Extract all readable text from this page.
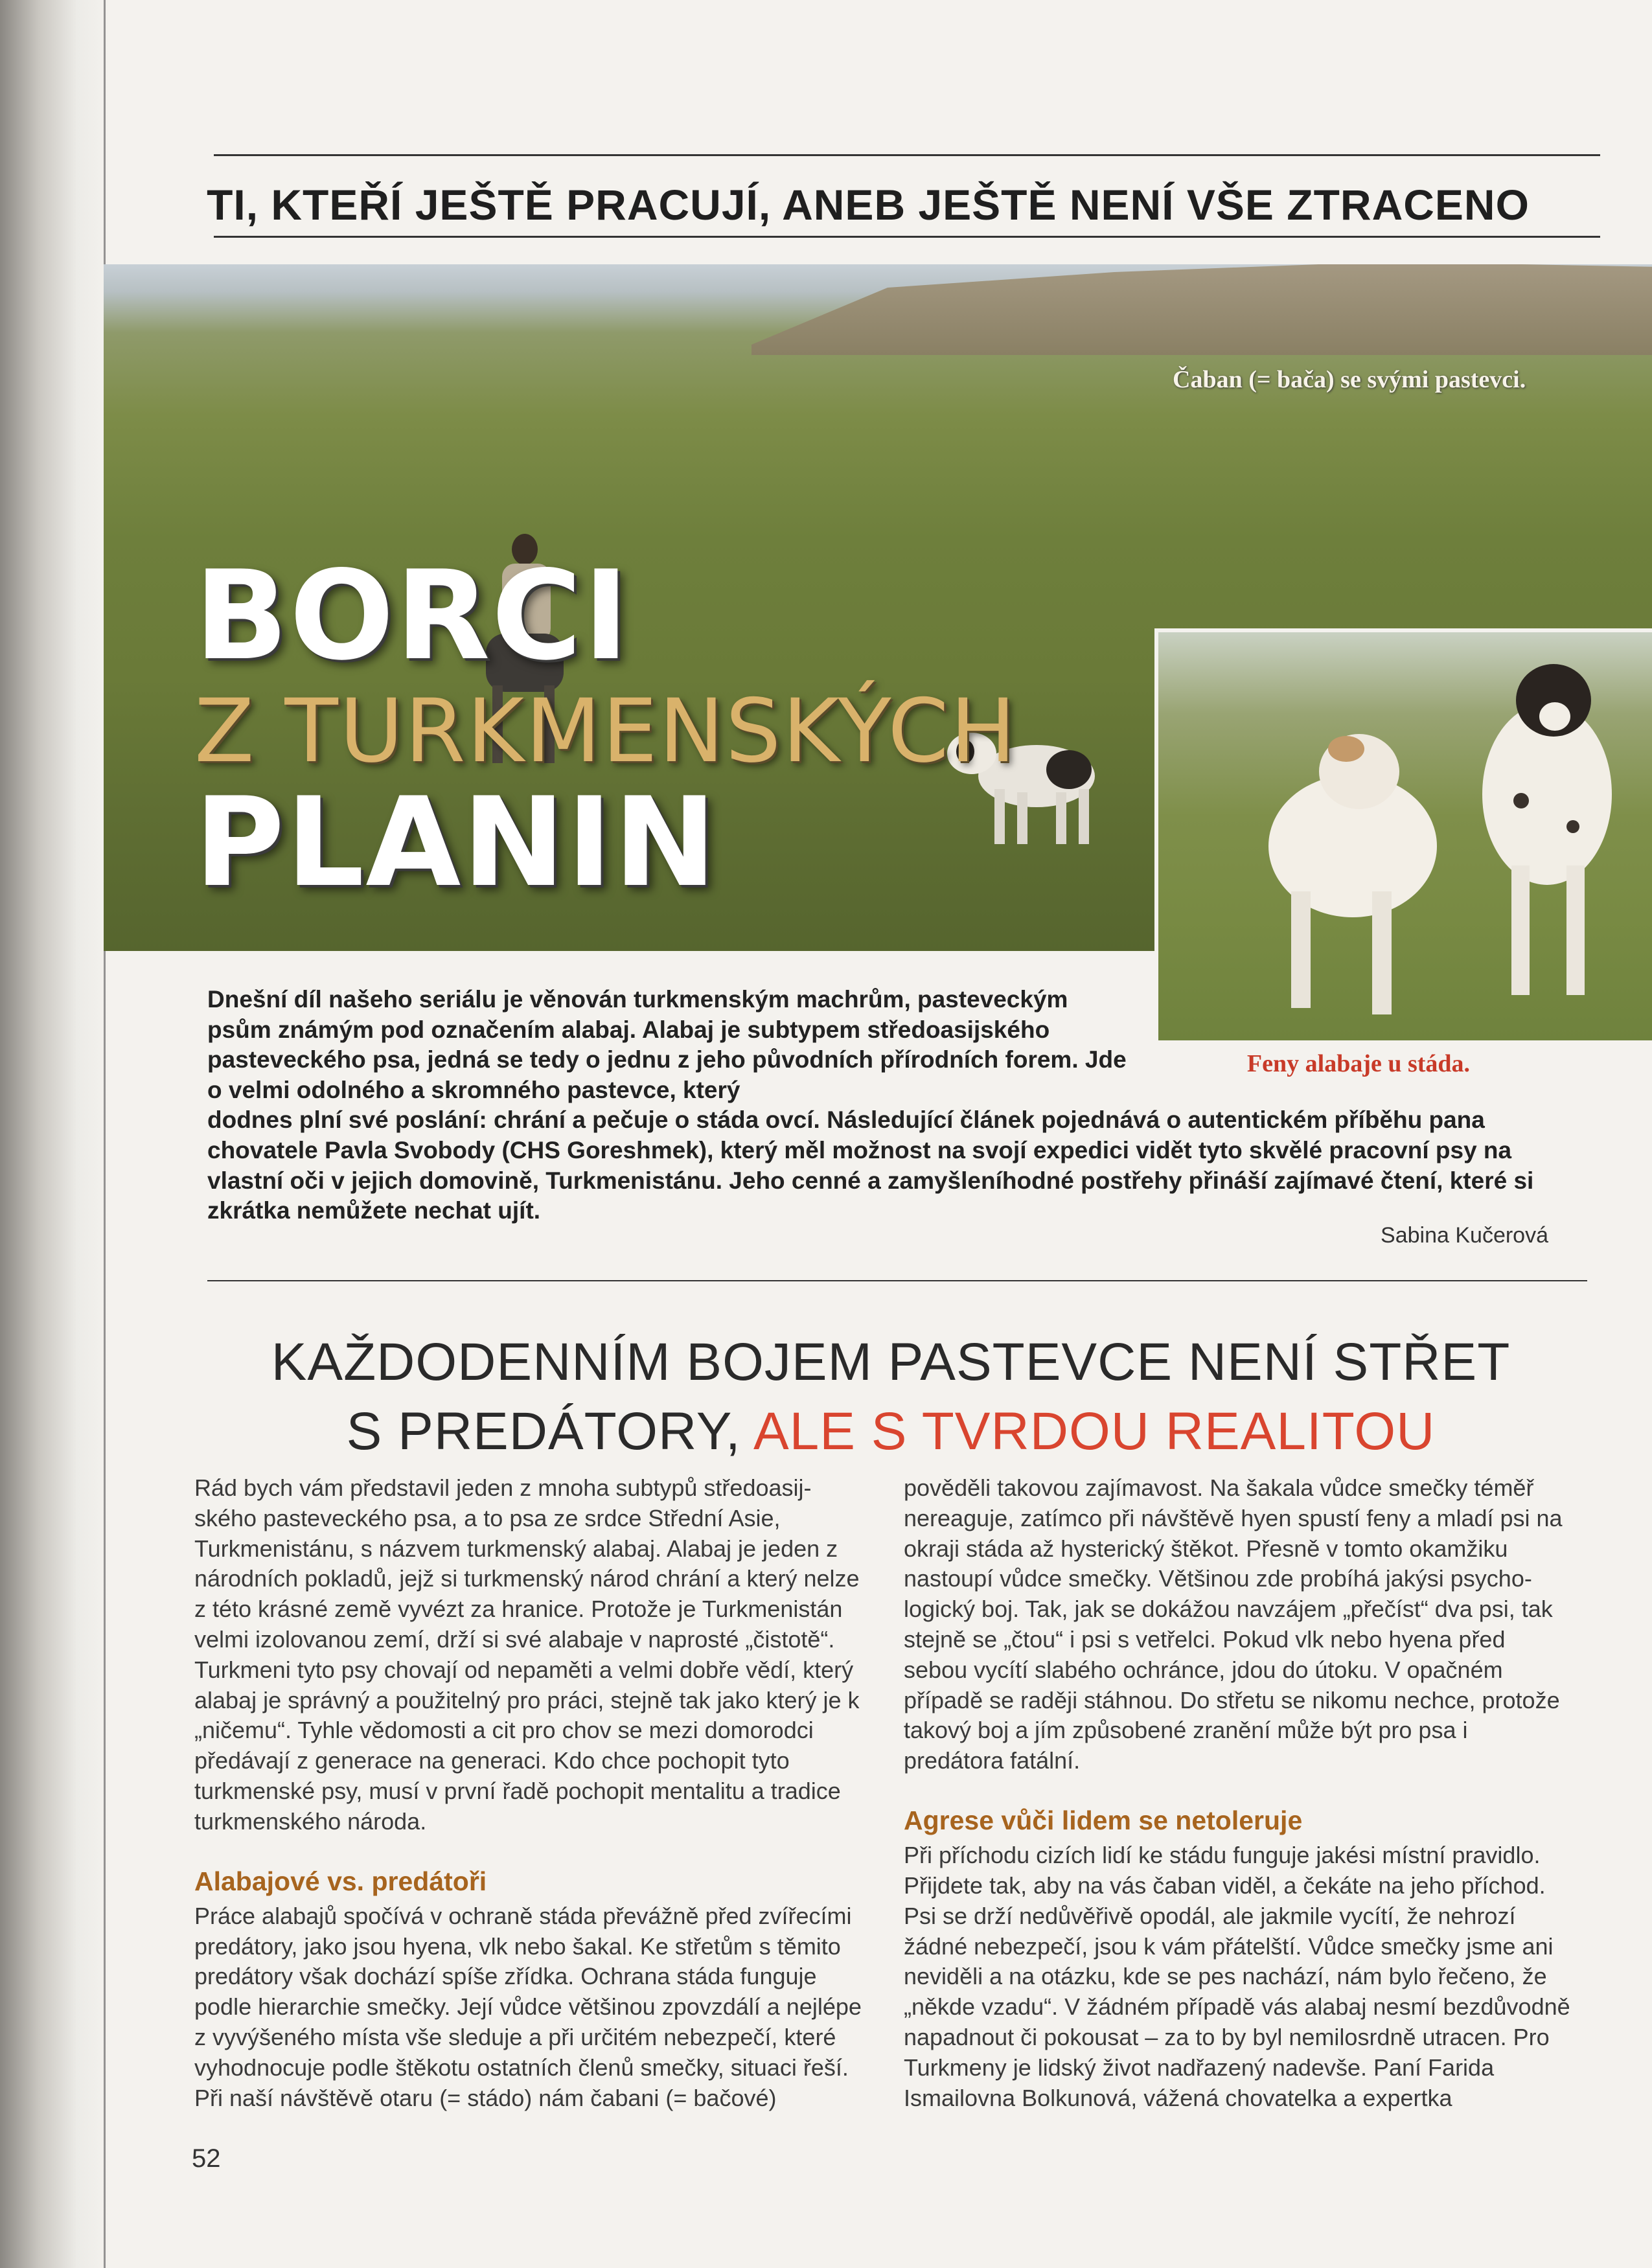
TI, KTEŘÍ JEŠTĚ PRACUJÍ, ANEB JEŠTĚ NENÍ VŠE ZTRACENO
Čaban (= bača) se svými pastevci.
BORCI
Z TURKMENSKÝCH
PLANIN
Feny alabaje u stáda.
Dnešní díl našeho seriálu je věnován turkmenským machrům, pasteveckým psům známým pod označením alabaj. Alabaj je subtypem středoasijského pasteveckého psa, jedná se tedy o jednu z jeho původních přírodních forem. Jde o velmi odolného a skromného pastevce, který
dodnes plní své poslání: chrání a pečuje o stáda ovcí. Následující článek pojednává o autentickém příběhu pana chovatele Pavla Svobody (CHS Goreshmek), který měl možnost na svojí expedici vidět tyto skvělé pracovní psy na vlastní oči v jejich domovině, Turkmenistánu. Jeho cenné a zamyšleníhodné postřehy přináší zajímavé čtení, které si zkrátka nemůžete nechat ujít.
Sabina Kučerová
KAŽDODENNÍM BOJEM PASTEVCE NENÍ STŘET
S PREDÁTORY, ALE S TVRDOU REALITOU

Rád bych vám představil jeden z mnoha subtypů středoasijského pasteveckého psa, a to psa ze srdce Střední Asie, Turkmenistánu, s názvem turkmenský alabaj. Alabaj je jeden z národních pokladů, jejž si turkmenský národ chrání a který nelze z této krásné země vyvézt za hranice. Protože je Turkmenistán velmi izolovanou zemí, drží si své alabaje v naprosté „čistotě“. Turkmeni tyto psy chovají od nepaměti a velmi dobře vědí, který alabaj je správný a použitelný pro práci, stejně tak jako který je k „ničemu“. Tyhle vědomosti a cit pro chov se mezi domorodci předávají z generace na generaci. Kdo chce pochopit tyto turkmenské psy, musí v první řadě pochopit mentalitu a tradice turkmenského národa.

Alabajové vs. predátoři

Práce alabajů spočívá v ochraně stáda převážně před zvířecími predátory, jako jsou hyena, vlk nebo šakal. Ke střetům s těmito predátory však dochází spíše zřídka. Ochrana stáda funguje podle hierarchie smečky. Její vůdce většinou zpovzdálí a nejlépe z vyvýšeného místa vše sleduje a při určitém nebezpečí, které vyhodnocuje podle štěkotu ostatních členů smečky, situaci řeší. Při naší návštěvě otaru (= stádo) nám čabani (= bačové)

pověděli takovou zajímavost. Na šakala vůdce smečky téměř nereaguje, zatímco při návštěvě hyen spustí feny a mladí psi na okraji stáda až hysterický štěkot. Přesně v tomto okamžiku nastoupí vůdce smečky. Většinou zde probíhá jakýsi psychologický boj. Tak, jak se dokážou navzájem „přečíst“ dva psi, tak stejně se „čtou“ i psi s vetřelci. Pokud vlk nebo hyena před sebou vycítí slabého ochránce, jdou do útoku. V opačném případě se raději stáhnou. Do střetu se nikomu nechce, protože takový boj a jím způsobené zranění může být pro psa i predátora fatální.

Agrese vůči lidem se netoleruje

Při příchodu cizích lidí ke stádu funguje jakési místní pravidlo. Přijdete tak, aby na vás čaban viděl, a čekáte na jeho příchod. Psi se drží nedůvěřivě opodál, ale jakmile vycítí, že nehrozí žádné nebezpečí, jsou k vám přátelští. Vůdce smečky jsme ani neviděli a na otázku, kde se pes nachází, nám bylo řečeno, že „někde vzadu“. V žádném případě vás alabaj nesmí bezdůvodně napadnout či pokousat – za to by byl nemilosrdně utracen. Pro Turkmeny je lidský život nadřazený nadevše. Paní Farida Ismailovna Bolkunová, vážená chovatelka a expertka

52
